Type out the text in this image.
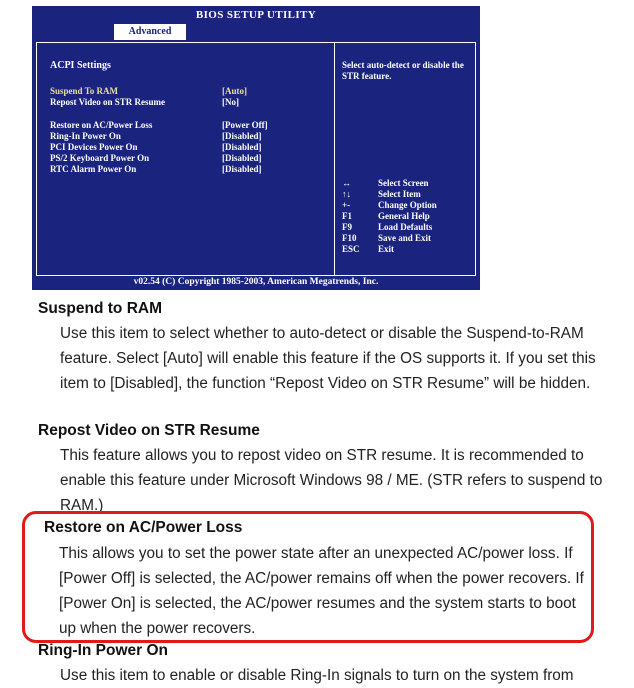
BIOS SETUP UTILITY
Advanced
ACPI Settings
Suspend To RAM	[Auto]
Repost Video on STR Resume	[No]
Restore on AC/Power Loss	[Power Off]
Ring-In Power On	[Disabled]
PCI Devices Power On	[Disabled]
PS/2 Keyboard Power On	[Disabled]
RTC Alarm Power On	[Disabled]
Select auto-detect or disable the STR feature.
↔	Select Screen
↑↓	Select Item
+-	Change Option
F1	General Help
F9	Load Defaults
F10 Save and Exit
ESC Exit
v02.54 (C) Copyright 1985-2003, American Megatrends, Inc.
Suspend to RAM
Use this item to select whether to auto-detect or disable the Suspend-to-RAM feature. Select [Auto] will enable this feature if the OS supports it. If you set this item to [Disabled], the function “Repost Video on STR Resume” will be hidden.
Repost Video on STR Resume
This feature allows you to repost video on STR resume. It is recommended to enable this feature under Microsoft Windows 98 / ME. (STR refers to suspend to RAM.)
Restore on AC/Power Loss
This allows you to set the power state after an unexpected AC/power loss. If [Power Off] is selected, the AC/power remains off when the power recovers. If [Power On] is selected, the AC/power resumes and the system starts to boot up when the power recovers.
Ring-In Power On
Use this item to enable or disable Ring-In signals to turn on the system from
